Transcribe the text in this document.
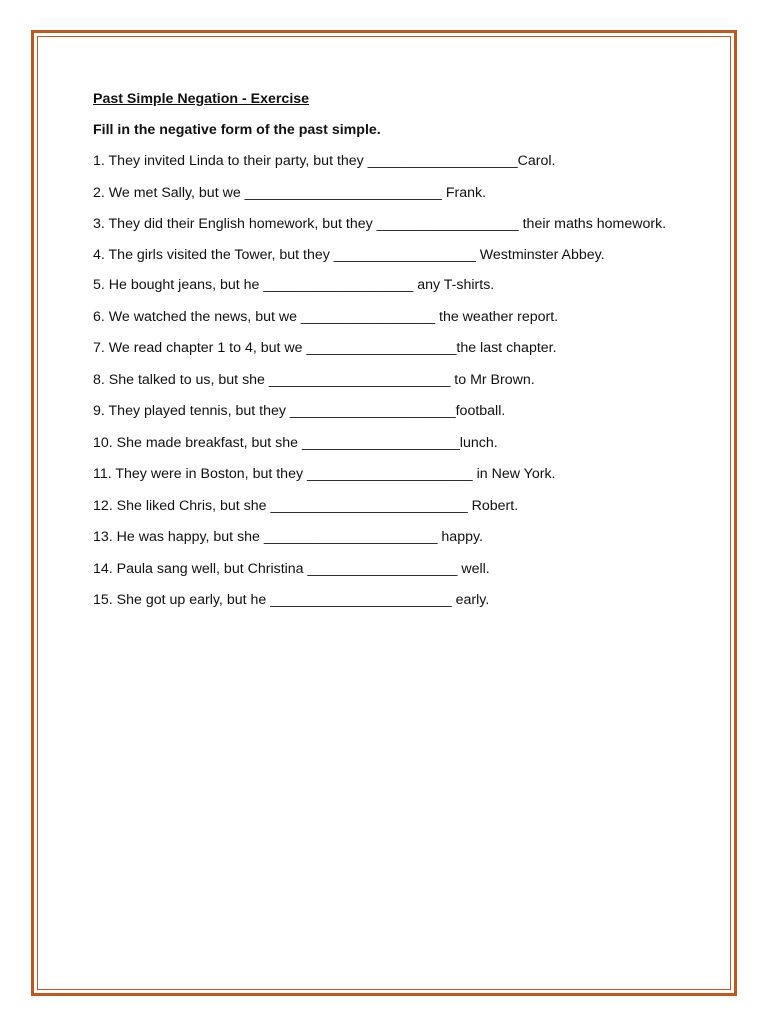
Past Simple Negation - Exercise

Fill in the negative form of the past simple.

1. They invited Linda to their party, but they ___________________Carol.
2. We met Sally, but we _________________________ Frank.
3. They did their English homework, but they __________________ their maths homework.
4. The girls visited the Tower, but they __________________ Westminster Abbey.
5. He bought jeans, but he ___________________ any T-shirts.
6. We watched the news, but we _________________ the weather report.
7. We read chapter 1 to 4, but we ___________________the last chapter.
8. She talked to us, but she _______________________ to Mr Brown.
9. They played tennis, but they _____________________football.
10. She made breakfast, but she ____________________lunch.
11. They were in Boston, but they _____________________ in New York.
12. She liked Chris, but she _________________________ Robert.
13. He was happy, but she ______________________ happy.
14. Paula sang well, but Christina ___________________ well.
15. She got up early, but he _______________________ early.
